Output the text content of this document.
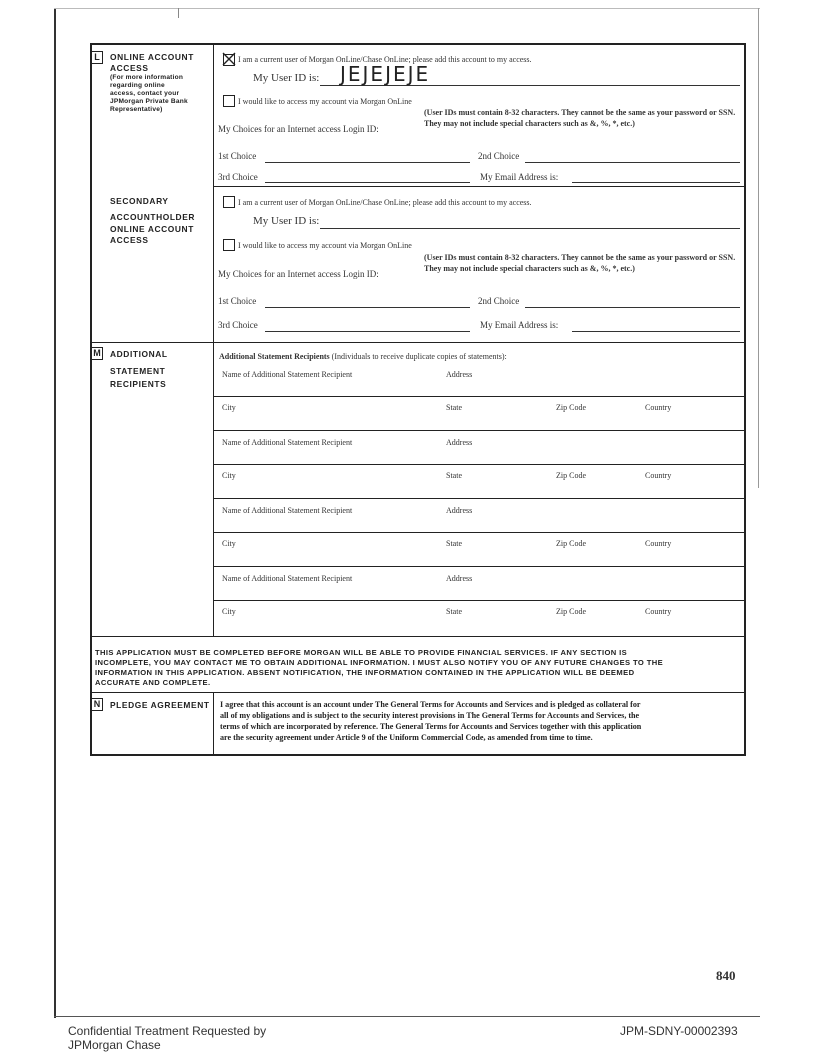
L	ONLINE ACCOUNT
ACCESS
(For more information
regarding online
access, contact your
JPMorgan Private Bank
Representative)
I am a current user of Morgan OnLine/Chase OnLine; please add this account to my access.
My User ID is: JEJEJEJE
I would like to access my account via Morgan OnLine
(User IDs must contain 8-32 characters. They cannot be the same as your password or SSN. They may not include special characters such as &, %, *, etc.)
My Choices for an Internet access Login ID:
1st Choice	2nd Choice
3rd Choice	My Email Address is:
SECONDARY
ACCOUNTHOLDER
ONLINE ACCOUNT
ACCESS
I am a current user of Morgan OnLine/Chase OnLine; please add this account to my access.
My User ID is:
I would like to access my account via Morgan OnLine
(User IDs must contain 8-32 characters. They cannot be the same as your password or SSN. They may not include special characters such as &, %, *, etc.)
My Choices for an Internet access Login ID:
1st Choice	2nd Choice
3rd Choice	My Email Address is:
M ADDITIONAL
STATEMENT
RECIPIENTS
Additional Statement Recipients (Individuals to receive duplicate copies of statements):
Name of Additional Statement Recipient	Address
City	State	Zip Code	Country
Name of Additional Statement Recipient	Address
City	State	Zip Code	Country
Name of Additional Statement Recipient	Address
City	State	Zip Code	Country
Name of Additional Statement Recipient	Address
City	State	Zip Code	Country
THIS APPLICATION MUST BE COMPLETED BEFORE MORGAN WILL BE ABLE TO PROVIDE FINANCIAL SERVICES. IF ANY SECTION IS
INCOMPLETE, YOU MAY CONTACT ME TO OBTAIN ADDITIONAL INFORMATION. I MUST ALSO NOTIFY YOU OF ANY FUTURE CHANGES TO THE
INFORMATION IN THIS APPLICATION. ABSENT NOTIFICATION, THE INFORMATION CONTAINED IN THE APPLICATION WILL BE DEEMED
ACCURATE AND COMPLETE.
N	PLEDGE AGREEMENT I agree that this account is an account under The General Terms for Accounts and Services and is pledged as collateral for
all of my obligations and is subject to the security interest provisions in The General Terms for Accounts and Services, the
terms of which are incorporated by reference. The General Terms for Accounts and Services together with this application
are the security agreement under Article 9 of the Uniform Commercial Code, as amended from time to time.
840
Confidential Treatment Requested by
JPMorgan Chase
JPM-SDNY-00002393
